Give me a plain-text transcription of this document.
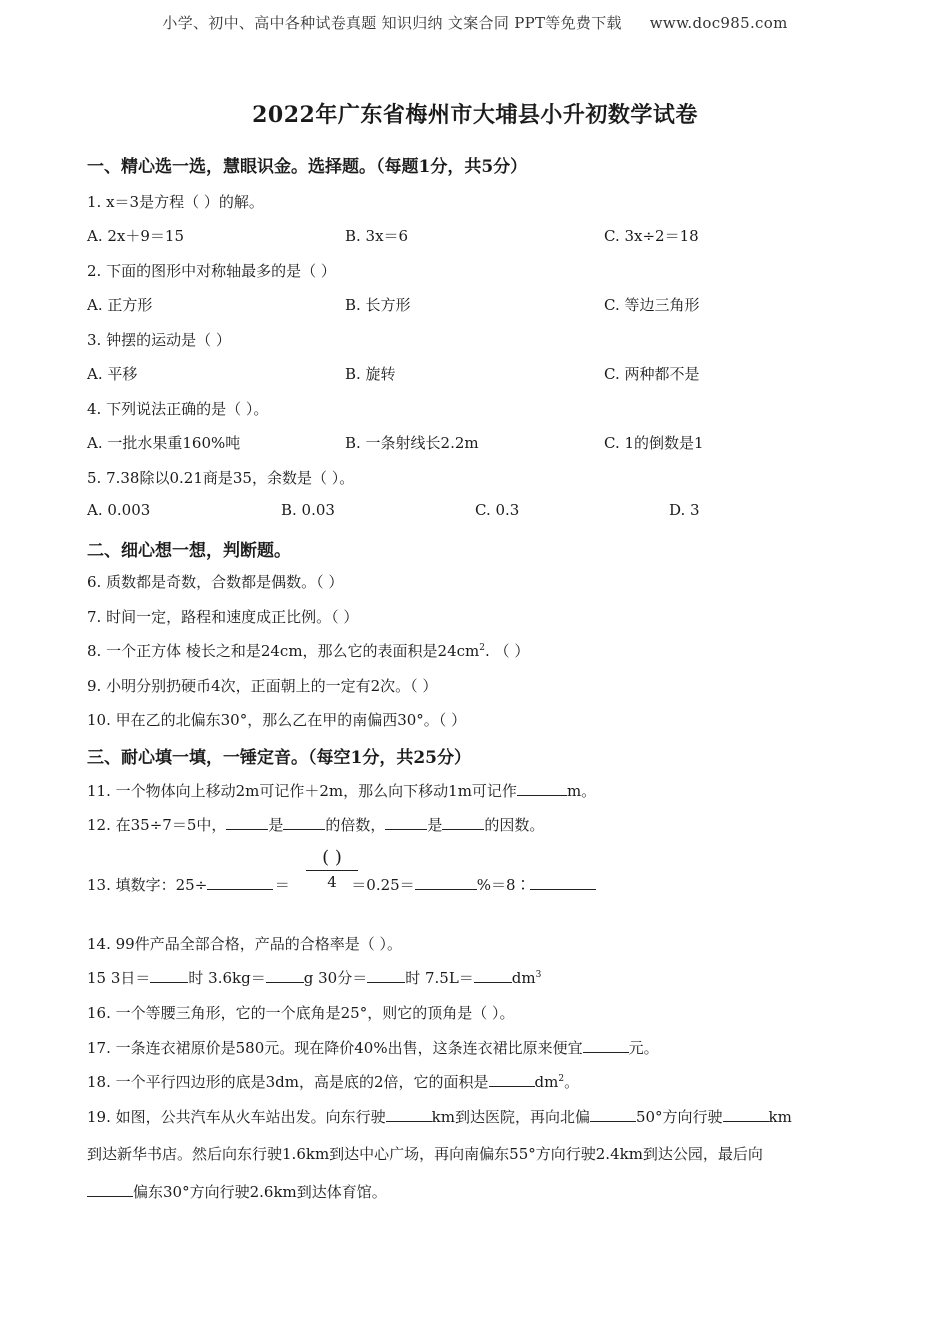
小学、初中、高中各种试卷真题 知识归纳 文案合同 PPT等免费下载 www.doc985.com
2022年广东省梅州市大埔县小升初数学试卷
一、精心选一选，慧眼识金。选择题。（每题1分，共5分）
1. x＝3是方程（ ）的解。
A. 2x＋9＝15	B. 3x＝6	C. 3x÷2＝18
2. 下面的图形中对称轴最多的是（ ）
A. 正方形	B. 长方形	C. 等边三角形
3. 钟摆的运动是（ ）
A. 平移	B. 旋转	C. 两种都不是
4. 下列说法正确的是（ ）。
A. 一批水果重160%吨	B. 一条射线长2.2m	C. 1的倒数是1
5. 7.38除以0.21商是35，余数是（ ）。
A. 0.003	B. 0.03	C. 0.3	D. 3
二、细心想一想，判断题。
6. 质数都是奇数，合数都是偶数。（ ）
7. 时间一定，路程和速度成正比例。（ ）
8. 一个正方体 棱长之和是24cm，那么它的表面积是$24cm^2$. （ ）
9. 小明分别扔硬币4次，正面朝上的一定有2次。（ ）
10. 甲在乙的北偏东30°，那么乙在甲的南偏西30°。（ ）
三、耐心填一填，一锤定音。（每空1分，共25分）
11. 一个物体向上移动2m可记作＋2m，那么向下移动1m可记作	m。
12. 在35÷7＝5中，	是	的倍数，	是	的因数。
13. 填数字：25÷	＝	＝0.25＝	%＝8∶
( )
4
14. 99件产品全部合格，产品的合格率是（ ）。
15 3日＝	时 3.6kg＝	g 30分＝	时 7.5L＝	$dm^3$
16. 一个等腰三角形，它的一个底角是25°，则它的顶角是（ ）。
17. 一条连衣裙原价是580元。现在降价40%出售，这条连衣裙比原来便宜	元。
18. 一个平行四边形的底是3dm，高是底的2倍，它的面积是	$dm^2$。
19. 如图，公共汽车从火车站出发。向东行驶	km到达医院，再向北偏	50°方向行驶	km
到达新华书店。然后向东行驶1.6km到达中心广场，再向南偏东55°方向行驶2.4km到达公园，最后向
偏东30°方向行驶2.6km到达体育馆。
